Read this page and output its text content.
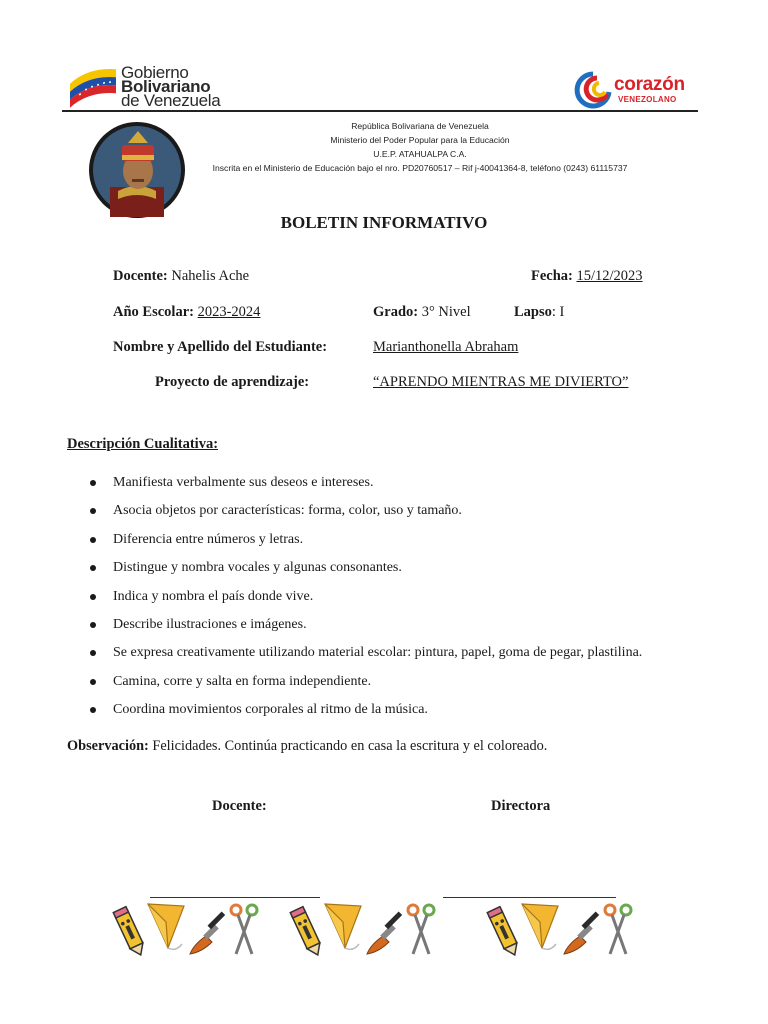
Gobierno
Bolivariano
de Venezuela
corazón
VENEZOLANO
República Bolivariana de Venezuela
Ministerio del Poder Popular para la Educación
U.E.P. ATAHUALPA C.A.
Inscrita en el Ministerio de Educación bajo el nro. PD20760517 – Rif j-40041364-8, teléfono (0243) 61115737
BOLETIN INFORMATIVO
Docente: Nahelis Ache	Fecha: 15/12/2023
Año Escolar: 2023-2024	Grado: 3° Nivel	Lapso: I
Nombre y Apellido del Estudiante:	Marianthonella Abraham
Proyecto de aprendizaje:	“APRENDO MIENTRAS ME DIVIERTO”
Descripción Cualitativa:
Manifiesta verbalmente sus deseos e intereses.
Asocia objetos por características: forma, color, uso y tamaño.
Diferencia entre números y letras.
Distingue y nombra vocales y algunas consonantes.
Indica y nombra el país donde vive.
Describe ilustraciones e imágenes.
Se expresa creativamente utilizando material escolar: pintura, papel, goma de pegar, plastilina.
Camina, corre y salta en forma independiente.
Coordina movimientos corporales al ritmo de la música.
Observación: Felicidades. Continúa practicando en casa la escritura y el coloreado.
Docente:	Directora
